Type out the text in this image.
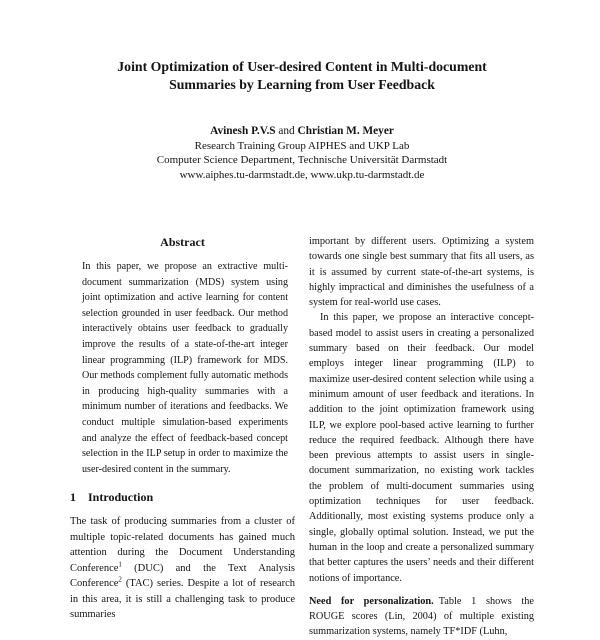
Joint Optimization of User-desired Content in Multi-document
Summaries by Learning from User Feedback
Avinesh P.V.S and Christian M. Meyer
Research Training Group AIPHES and UKP Lab
Computer Science Department, Technische Universität Darmstadt
www.aiphes.tu-darmstadt.de, www.ukp.tu-darmstadt.de
Abstract

In this paper, we propose an extractive multi-document summarization (MDS) system using joint optimization and active learning for content selection grounded in user feedback. Our method interactively obtains user feedback to gradually improve the results of a state-of-the-art integer linear programming (ILP) framework for MDS. Our methods complement fully automatic methods in producing high-quality summaries with a minimum number of iterations and feedbacks. We conduct multiple simulation-based experiments and analyze the effect of feedback-based concept selection in the ILP setup in order to maximize the user-desired content in the summary.

1 Introduction

The task of producing summaries from a cluster of multiple topic-related documents has gained much attention during the Document Understanding Conference$^1$ (DUC) and the Text Analysis Conference$^2$ (TAC) series. Despite a lot of research in this area, it is still a challenging task to produce summaries

important by different users. Optimizing a system towards one single best summary that fits all users, as it is assumed by current state-of-the-art systems, is highly impractical and diminishes the usefulness of a system for real-world use cases.

In this paper, we propose an interactive concept-based model to assist users in creating a personalized summary based on their feedback. Our model employs integer linear programming (ILP) to maximize user-desired content selection while using a minimum amount of user feedback and iterations. In addition to the joint optimization framework using ILP, we explore pool-based active learning to further reduce the required feedback. Although there have been previous attempts to assist users in single-document summarization, no existing work tackles the problem of multi-document summaries using optimization techniques for user feedback. Additionally, most existing systems produce only a single, globally optimal solution. Instead, we put the human in the loop and create a personalized summary that better captures the users’ needs and their different notions of importance.

Need for personalization. Table 1 shows the ROUGE scores (Lin, 2004) of multiple existing summarization systems, namely TF*IDF (Luhn,
